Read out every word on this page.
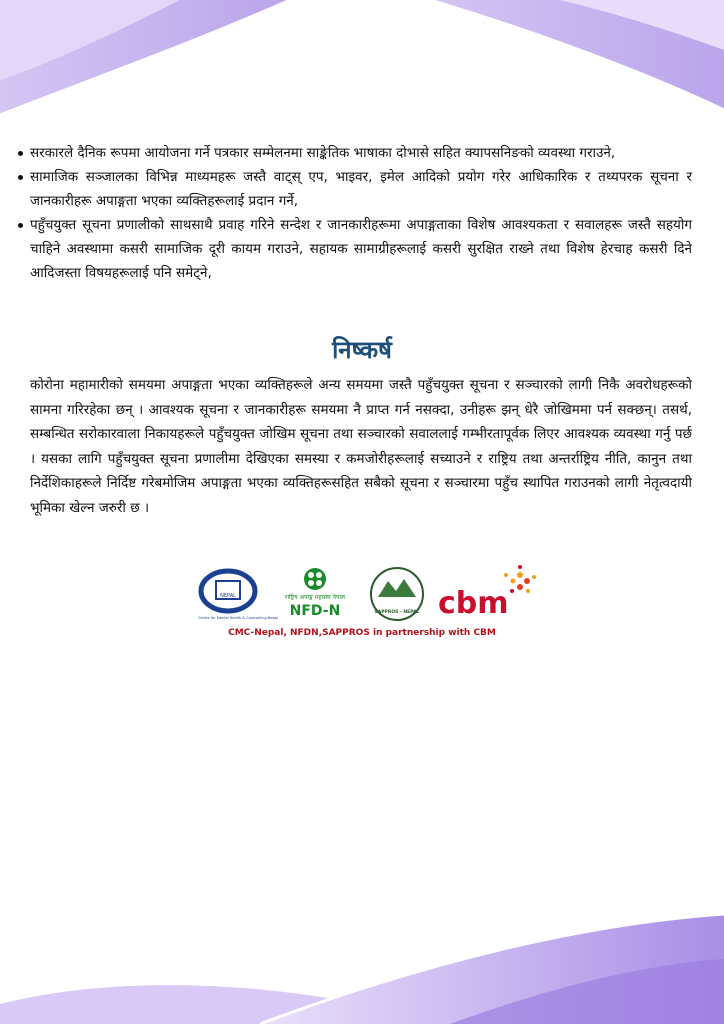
सरकारले दैनिक रूपमा आयोजना गर्ने पत्रकार सम्मेलनमा साङ्केतिक भाषाका दोभासे सहित क्यापसनिङको व्यवस्था गराउने,
सामाजिक सञ्जालका विभिन्न माध्यमहरू जस्तै वाट्स् एप, भाइवर, इमेल आदिको प्रयोग गरेर आधिकारिक र तथ्यपरक सूचना र जानकारीहरू अपाङ्गता भएका व्यक्तिहरूलाई प्रदान गर्ने,
पहुँचयुक्त सूचना प्रणालीको साथसाथै प्रवाह गरिने सन्देश र जानकारीहरूमा अपाङ्गताका विशेष आवश्यकता र सवालहरू जस्तै सहयोग चाहिने अवस्थामा कसरी सामाजिक दूरी कायम गराउने, सहायक सामाग्रीहरूलाई कसरी सुरक्षित राख्ने तथा विशेष हेरचाह कसरी दिने आदिजस्ता विषयहरूलाई पनि समेट्ने,
निष्कर्ष

कोरोना महामारीको समयमा अपाङ्गता भएका व्यक्तिहरूले अन्य समयमा जस्तै पहुँचयुक्त सूचना र सञ्चारको लागी निकै अवरोधहरूको सामना गरिरहेका छन् । आवश्यक सूचना र जानकारीहरू समयमा नै प्राप्त गर्न नसक्दा, उनीहरू झन् धेरै जोखिममा पर्न सक्छन्। तसर्थ, सम्बन्धित सरोकारवाला निकायहरूले पहुँचयुक्त जोखिम सूचना तथा सञ्चारको सवाललाई गम्भीरतापूर्वक लिएर आवश्यक व्यवस्था गर्नु पर्छ । यसका लागि पहुँचयुक्त सूचना प्रणालीमा देखिएका समस्या र कमजोरीहरूलाई सच्याउने र राष्ट्रिय तथा अन्तर्राष्ट्रिय नीति, कानुन तथा निर्देशिकाहरूले निर्दिष्ट गरेबमोजिम अपाङ्गता भएका व्यक्तिहरूसहित सबैको सूचना र सञ्चारमा पहुँच स्थापित गराउनको लागी नेतृत्वदायी भूमिका खेल्न जरुरी छ ।

NEPAL
Centre for Mental Health & Counselling-Nepal
राष्ट्रिय अपाङ्ग महासंघ नेपाल
NFD-N	SAPPROS - NEPAL cbm
CMC-Nepal, NFDN,SAPPROS in partnership with CBM
